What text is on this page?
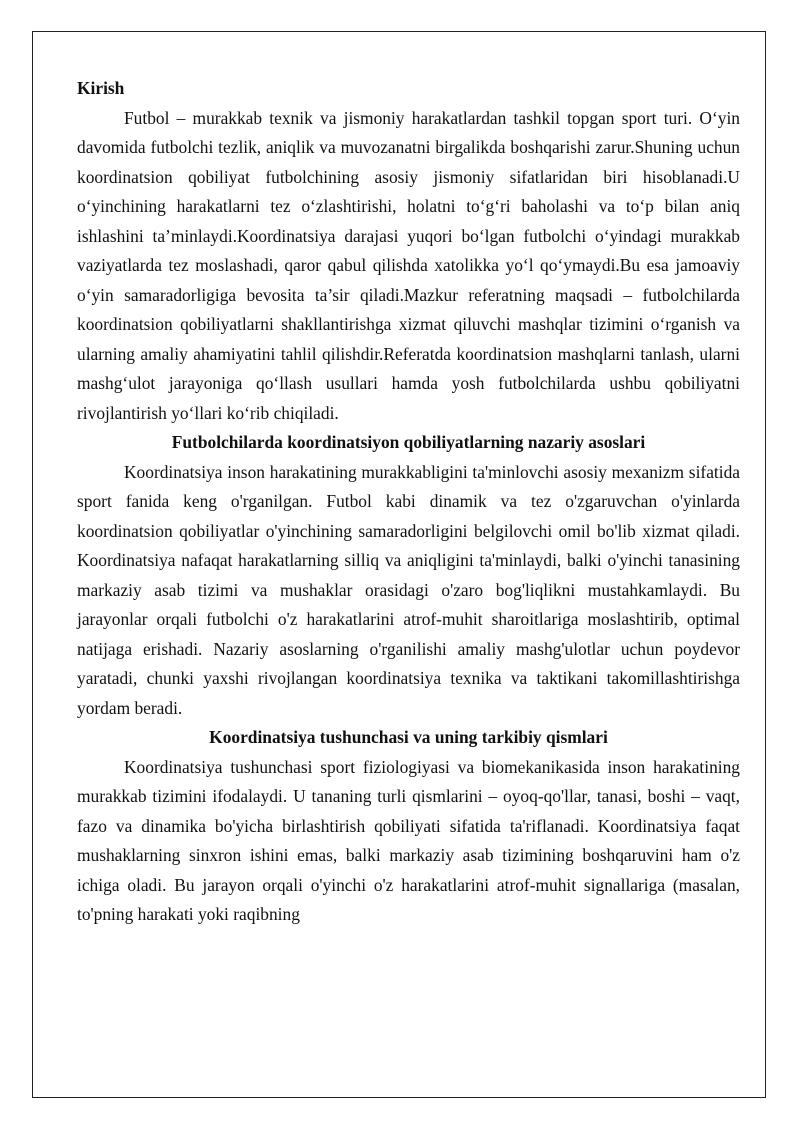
Kirish

Futbol – murakkab texnik va jismoniy harakatlardan tashkil topgan sport turi. O‘yin davomida futbolchi tezlik, aniqlik va muvozanatni birgalikda boshqarishi zarur.Shuning uchun koordinatsion qobiliyat futbolchining asosiy jismoniy sifatlaridan biri hisoblanadi.U o‘yinchining harakatlarni tez o‘zlashtirishi, holatni to‘g‘ri baholashi va to‘p bilan aniq ishlashini ta’minlaydi.Koordinatsiya darajasi yuqori bo‘lgan futbolchi o‘yindagi murakkab vaziyatlarda tez moslashadi, qaror qabul qilishda xatolikka yo‘l qo‘ymaydi.Bu esa jamoaviy o‘yin samaradorligiga bevosita ta’sir qiladi.Mazkur referatning maqsadi – futbolchilarda koordinatsion qobiliyatlarni shakllantirishga xizmat qiluvchi mashqlar tizimini o‘rganish va ularning amaliy ahamiyatini tahlil qilishdir.Referatda koordinatsion mashqlarni tanlash, ularni mashg‘ulot jarayoniga qo‘llash usullari hamda yosh futbolchilarda ushbu qobiliyatni rivojlantirish yo‘llari ko‘rib chiqiladi.

Futbolchilarda koordinatsiyon qobiliyatlarning nazariy asoslari

Koordinatsiya inson harakatining murakkabligini ta'minlovchi asosiy mexanizm sifatida sport fanida keng o'rganilgan. Futbol kabi dinamik va tez o'zgaruvchan o'yinlarda koordinatsion qobiliyatlar o'yinchining samaradorligini belgilovchi omil bo'lib xizmat qiladi. Koordinatsiya nafaqat harakatlarning silliq va aniqligini ta'minlaydi, balki o'yinchi tanasining markaziy asab tizimi va mushaklar orasidagi o'zaro bog'liqlikni mustahkamlaydi. Bu jarayonlar orqali futbolchi o'z harakatlarini atrof-muhit sharoitlariga moslashtirib, optimal natijaga erishadi. Nazariy asoslarning o'rganilishi amaliy mashg'ulotlar uchun poydevor yaratadi, chunki yaxshi rivojlangan koordinatsiya texnika va taktikani takomillashtirishga yordam beradi.

Koordinatsiya tushunchasi va uning tarkibiy qismlari

Koordinatsiya tushunchasi sport fiziologiyasi va biomekanikasida inson harakatining murakkab tizimini ifodalaydi. U tananing turli qismlarini – oyoq-qo'llar, tanasi, boshi – vaqt, fazo va dinamika bo'yicha birlashtirish qobiliyati sifatida ta'riflanadi. Koordinatsiya faqat mushaklarning sinxron ishini emas, balki markaziy asab tizimining boshqaruvini ham o'z ichiga oladi. Bu jarayon orqali o'yinchi o'z harakatlarini atrof-muhit signallariga (masalan, to'pning harakati yoki raqibning
